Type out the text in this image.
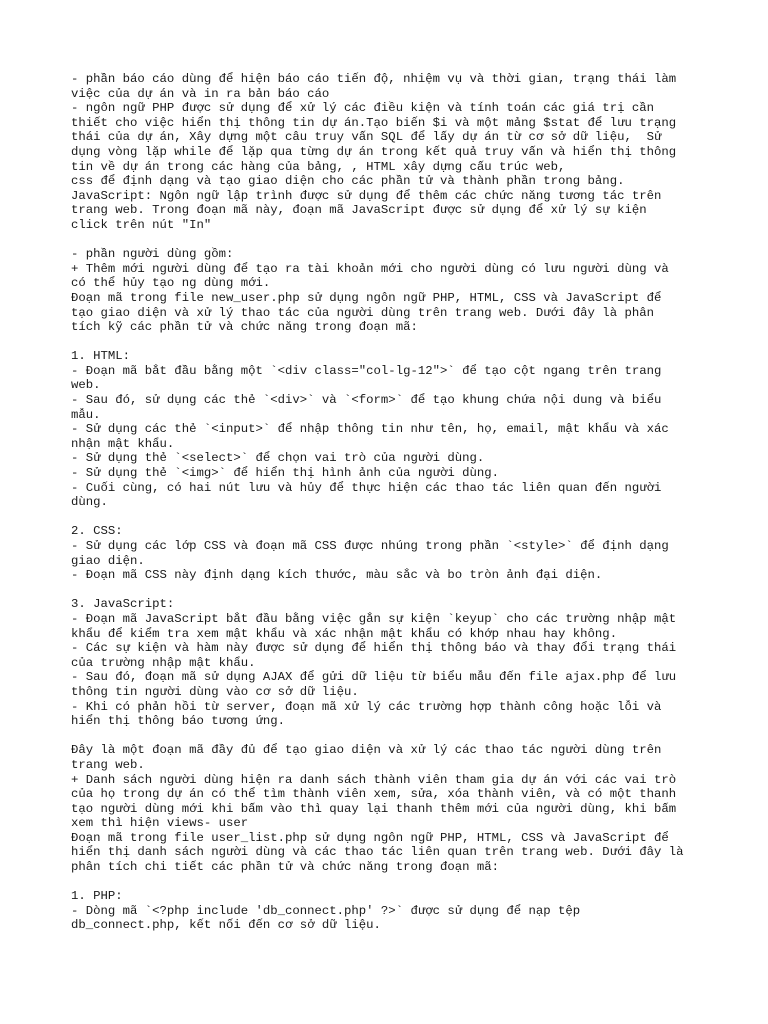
- phần báo cáo dùng để hiện báo cáo tiến độ, nhiệm vụ và thời gian, trạng thái làm
việc của dự án và in ra bản báo cáo
- ngôn ngữ PHP được sử dụng để xử lý các điều kiện và tính toán các giá trị cần
thiết cho việc hiển thị thông tin dự án.Tạo biến $i và một mảng $stat để lưu trạng
thái của dự án, Xây dựng một câu truy vấn SQL để lấy dự án từ cơ sở dữ liệu,  Sử
dụng vòng lặp while để lặp qua từng dự án trong kết quả truy vấn và hiển thị thông
tin về dự án trong các hàng của bảng, , HTML xây dựng cấu trúc web,
css để định dạng và tạo giao diện cho các phần tử và thành phần trong bảng.
JavaScript: Ngôn ngữ lập trình được sử dụng để thêm các chức năng tương tác trên
trang web. Trong đoạn mã này, đoạn mã JavaScript được sử dụng để xử lý sự kiện
click trên nút "In"
- phần người dùng gồm:
+ Thêm mới người dùng để tạo ra tài khoản mới cho người dùng có lưu người dùng và
có thể hủy tạo ng dùng mới.
Đoạn mã trong file new_user.php sử dụng ngôn ngữ PHP, HTML, CSS và JavaScript để
tạo giao diện và xử lý thao tác của người dùng trên trang web. Dưới đây là phân
tích kỹ các phần tử và chức năng trong đoạn mã:
1. HTML:
- Đoạn mã bắt đầu bằng một `<div class="col-lg-12">` để tạo cột ngang trên trang
web.
- Sau đó, sử dụng các thẻ `<div>` và `<form>` để tạo khung chứa nội dung và biểu
mẫu.
- Sử dụng các thẻ `<input>` để nhập thông tin như tên, họ, email, mật khẩu và xác
nhận mật khẩu.
- Sử dụng thẻ `<select>` để chọn vai trò của người dùng.
- Sử dụng thẻ `<img>` để hiển thị hình ảnh của người dùng.
- Cuối cùng, có hai nút lưu và hủy để thực hiện các thao tác liên quan đến người
dùng.
2. CSS:
- Sử dụng các lớp CSS và đoạn mã CSS được nhúng trong phần `<style>` để định dạng
giao diện.
- Đoạn mã CSS này định dạng kích thước, màu sắc và bo tròn ảnh đại diện.
3. JavaScript:
- Đoạn mã JavaScript bắt đầu bằng việc gắn sự kiện `keyup` cho các trường nhập mật
khẩu để kiểm tra xem mật khẩu và xác nhận mật khẩu có khớp nhau hay không.
- Các sự kiện và hàm này được sử dụng để hiển thị thông báo và thay đổi trạng thái
của trường nhập mật khẩu.
- Sau đó, đoạn mã sử dụng AJAX để gửi dữ liệu từ biểu mẫu đến file ajax.php để lưu
thông tin người dùng vào cơ sở dữ liệu.
- Khi có phản hồi từ server, đoạn mã xử lý các trường hợp thành công hoặc lỗi và
hiển thị thông báo tương ứng.
Đây là một đoạn mã đầy đủ để tạo giao diện và xử lý các thao tác người dùng trên
trang web.
+ Danh sách người dùng hiện ra danh sách thành viên tham gia dự án với các vai trò
của họ trong dự án có thể tìm thành viên xem, sửa, xóa thành viên, và có một thanh
tạo người dùng mới khi bấm vào thì quay lại thanh thêm mới của người dùng, khi bấm
xem thì hiện views- user
Đoạn mã trong file user_list.php sử dụng ngôn ngữ PHP, HTML, CSS và JavaScript để
hiển thị danh sách người dùng và các thao tác liên quan trên trang web. Dưới đây là
phân tích chi tiết các phần tử và chức năng trong đoạn mã:
1. PHP:
- Dòng mã `<?php include 'db_connect.php' ?>` được sử dụng để nạp tệp
db_connect.php, kết nối đến cơ sở dữ liệu.
